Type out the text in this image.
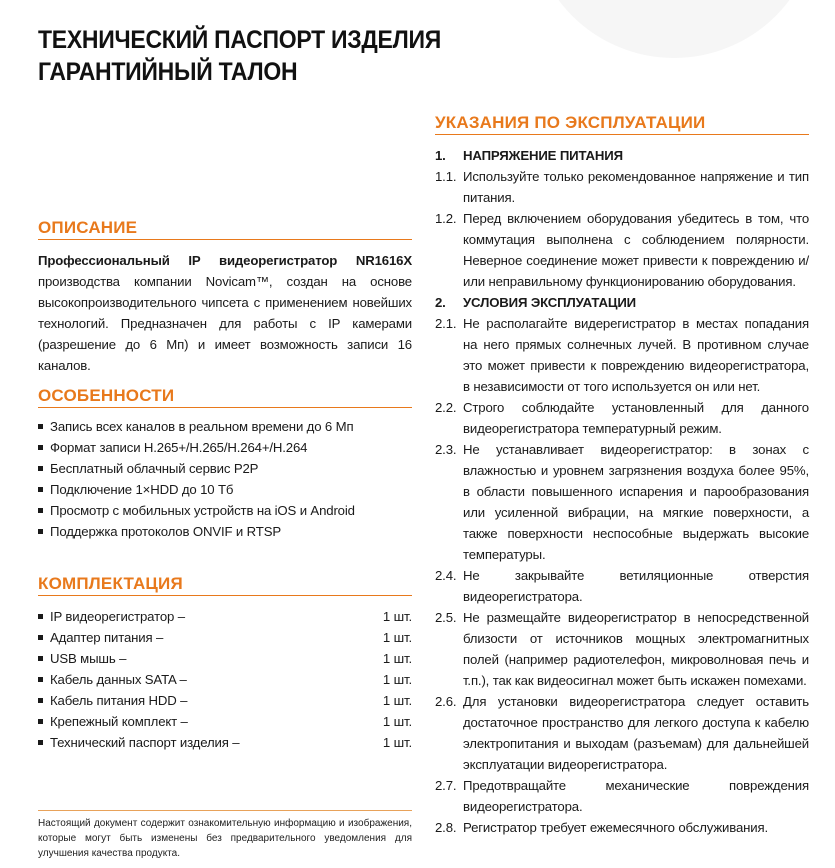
ТЕХНИЧЕСКИЙ ПАСПОРТ ИЗДЕЛИЯ
ГАРАНТИЙНЫЙ ТАЛОН
ОПИСАНИЕ
Профессиональный IP видеорегистратор NR1616X производства компании Novicam™, создан на основе высокопроизводительного чипсета с применением новейших технологий. Предназначен для работы с IP камерами (разрешение до 6 Мп) и имеет возможность записи 16 каналов.
ОСОБЕННОСТИ
Запись всех каналов в реальном времени до 6 Мп
Формат записи H.265+/H.265/H.264+/H.264
Бесплатный облачный сервис P2P
Подключение 1×HDD до 10 Тб
Просмотр с мобильных устройств на iOS и Android
Поддержка протоколов ONVIF и RTSP
КОМПЛЕКТАЦИЯ
IP видеорегистратор –	1 шт.
Адаптер питания –	1 шт.
USB мышь –	1 шт.
Кабель данных SATA –	1 шт.
Кабель питания HDD –	1 шт.
Крепежный комплект –	1 шт.
Технический паспорт изделия –	1 шт.
Настоящий документ содержит ознакомительную информацию и изображения, которые могут быть изменены без предварительного уведомления для улучшения качества продукта.
УКАЗАНИЯ ПО ЭКСПЛУАТАЦИИ
1.	НАПРЯЖЕНИЕ ПИТАНИЯ
1.1. Используйте только рекомендованное напряжение и тип питания.
1.2. Перед включением оборудования убедитесь в том, что коммутация выполнена с соблюдением полярности. Неверное соединение может привести к повреждению и/или неправильному функционированию оборудования.
2.	УСЛОВИЯ ЭКСПЛУАТАЦИИ
2.1. Не располагайте видерегистратор в местах попадания на него прямых солнечных лучей. В противном случае это может привести к повреждению видеорегистратора, в независимости от того используется он или нет.
2.2. Строго соблюдайте установленный для данного видеорегистратора температурный режим.
2.3. Не устанавливает видеорегистратор: в зонах с влажностью и уровнем загрязнения воздуха более 95%, в области повышенного испарения и парообразования или усиленной вибрации, на мягкие поверхности, а также поверхности неспособные выдержать высокие температуры.
2.4. Не закрывайте ветиляционные отверстия видеорегистратора.
2.5. Не размещайте видеорегистратор в непосредственной близости от источников мощных электромагнитных полей (например радиотелефон, микроволновая печь и т.п.), так как видеосигнал может быть искажен помехами.
2.6. Для установки видеорегистратора следует оставить достаточное пространство для легкого доступа к кабелю электропитания и выходам (разъемам) для дальнейшей эксплуатации видеорегистратора.
2.7. Предотвращайте механические повреждения видеорегистратора.
2.8. Регистратор требует ежемесячного обслуживания.
